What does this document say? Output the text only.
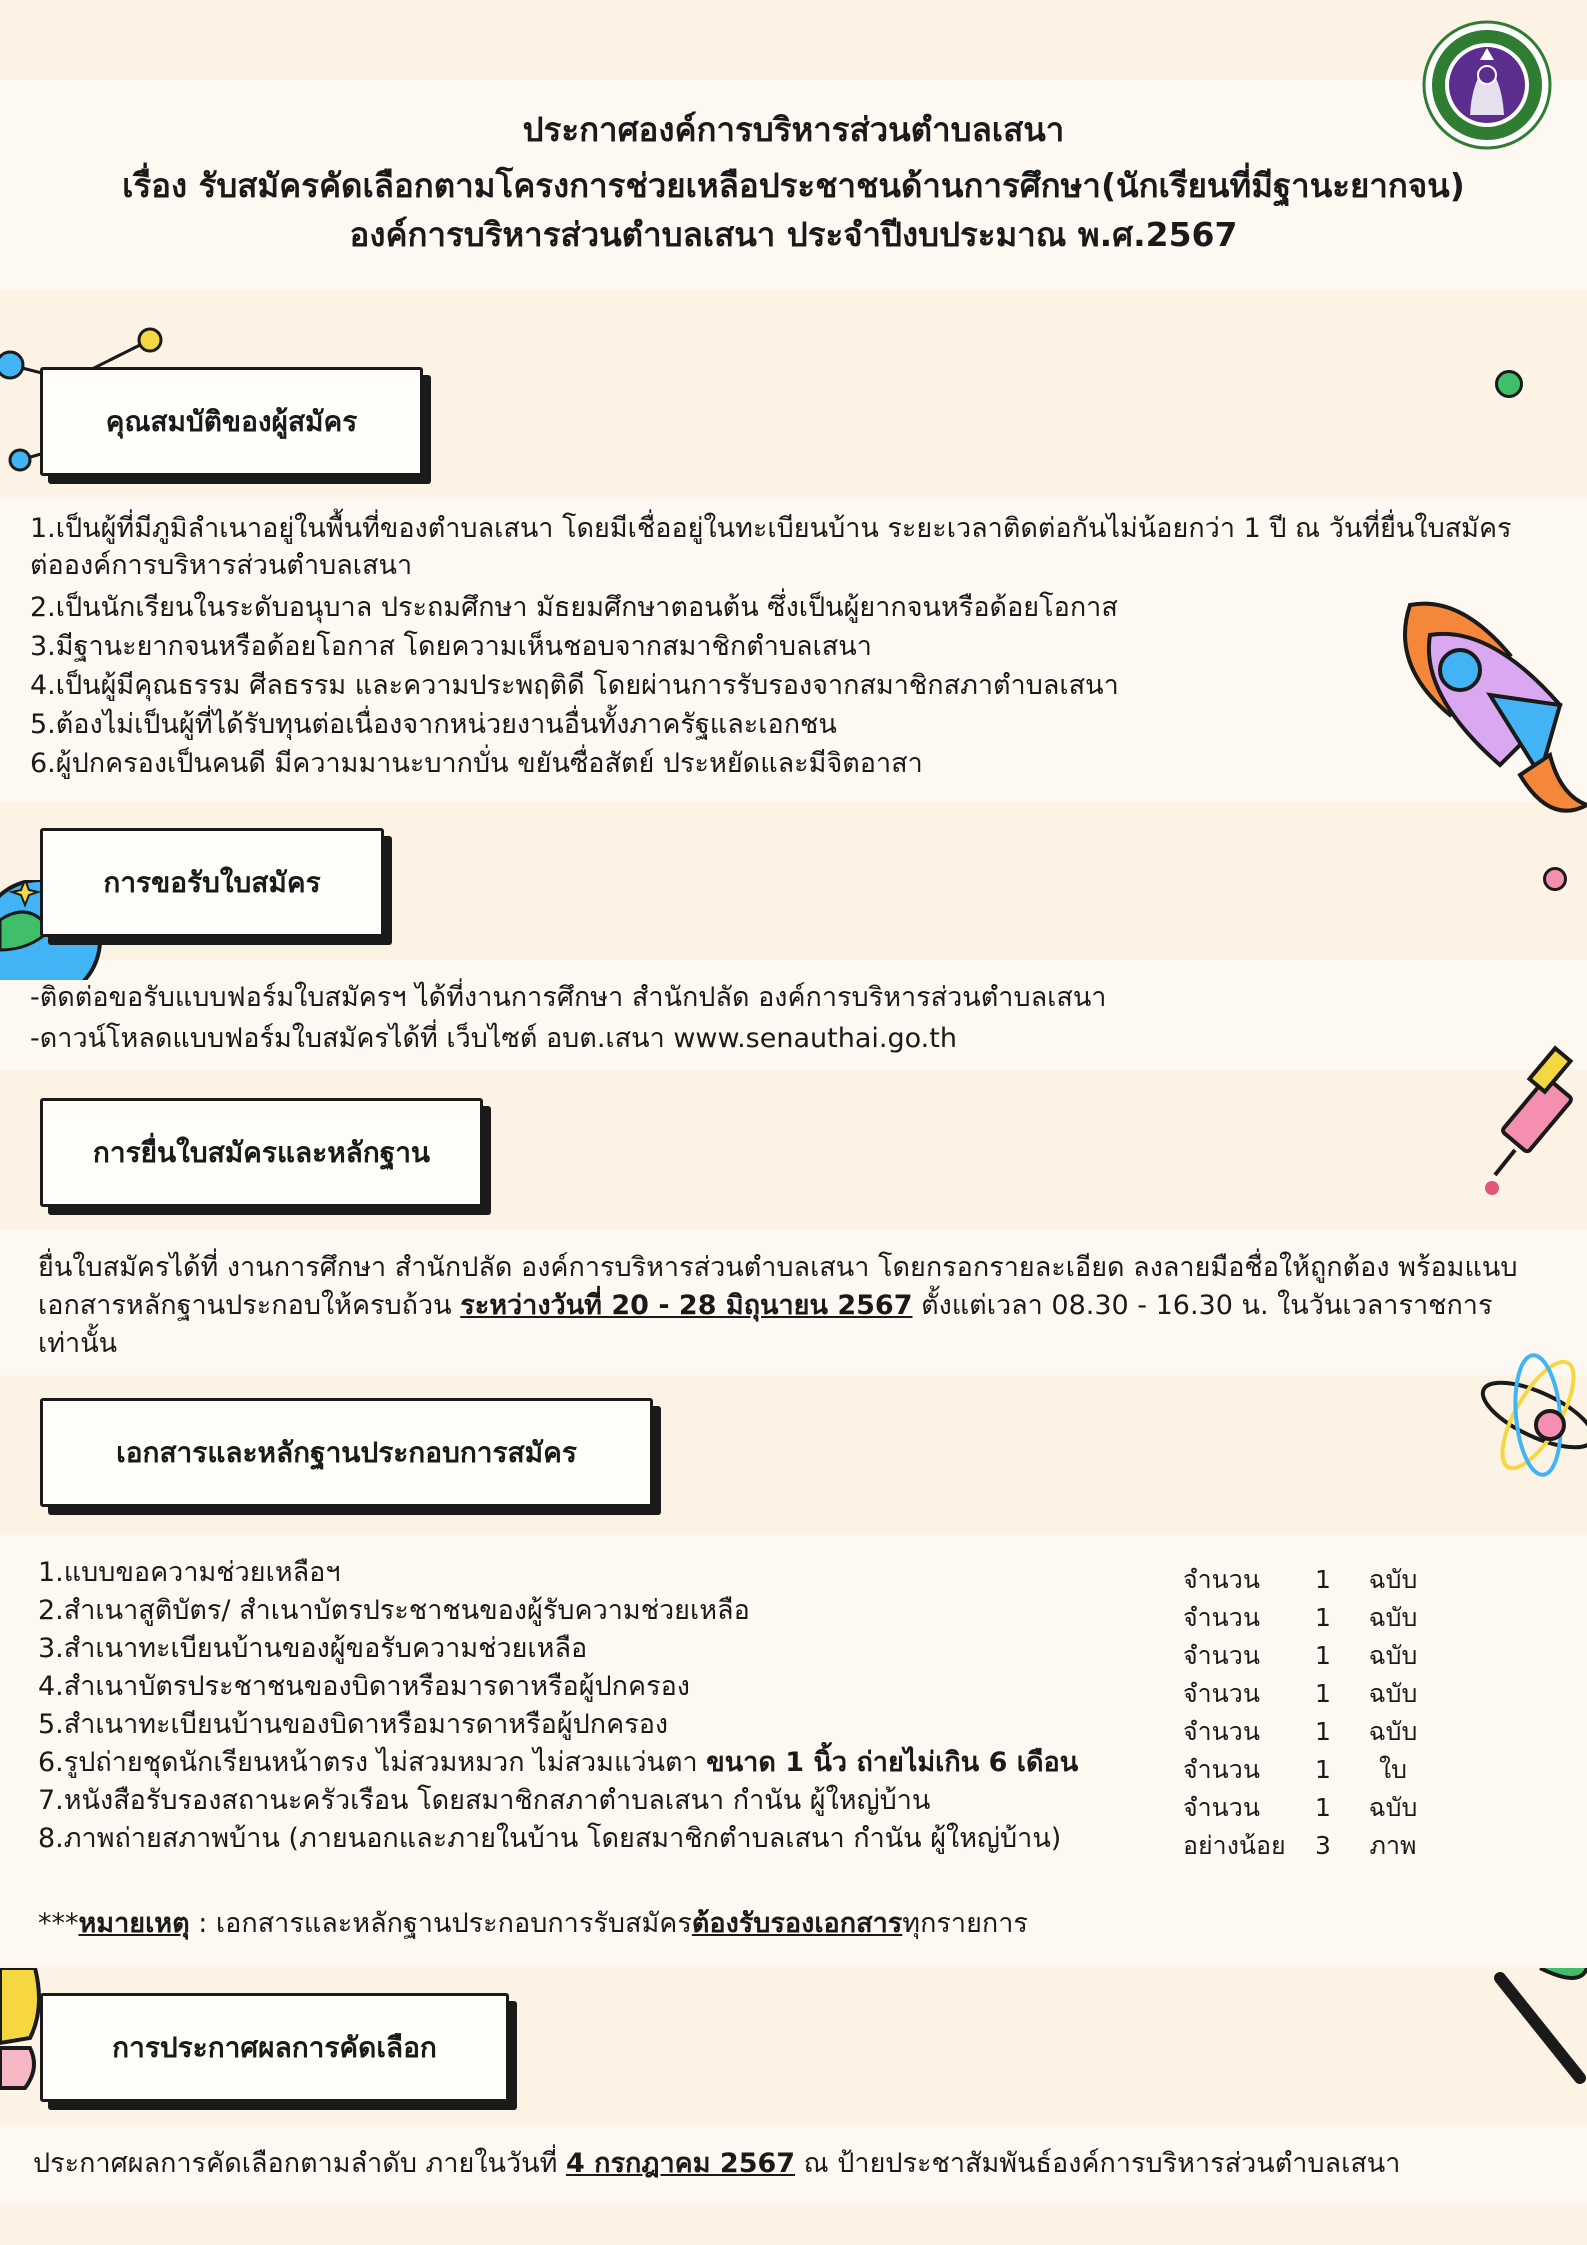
ประกาศองค์การบริหารส่วนตำบลเสนา
เรื่อง รับสมัครคัดเลือกตามโครงการช่วยเหลือประชาชนด้านการศึกษา(นักเรียนที่มีฐานะยากจน)
องค์การบริหารส่วนตำบลเสนา ประจำปีงบประมาณ พ.ศ.2567
คุณสมบัติของผู้สมัคร
1.เป็นผู้ที่มีภูมิลำเนาอยู่ในพื้นที่ของตำบลเสนา โดยมีเชื่ออยู่ในทะเบียนบ้าน ระยะเวลาติดต่อกันไม่น้อยกว่า 1 ปี ณ วันที่ยื่นใบสมัคร
ต่อองค์การบริหารส่วนตำบลเสนา
2.เป็นนักเรียนในระดับอนุบาล ประถมศึกษา มัธยมศึกษาตอนต้น ซึ่งเป็นผู้ยากจนหรือด้อยโอกาส
3.มีฐานะยากจนหรือด้อยโอกาส โดยความเห็นชอบจากสมาชิกตำบลเสนา
4.เป็นผู้มีคุณธรรม ศีลธรรม และความประพฤติดี โดยผ่านการรับรองจากสมาชิกสภาตำบลเสนา
5.ต้องไม่เป็นผู้ที่ได้รับทุนต่อเนื่องจากหน่วยงานอื่นทั้งภาครัฐและเอกชน
6.ผู้ปกครองเป็นคนดี มีความมานะบากบั่น ขยันซื่อสัตย์ ประหยัดและมีจิตอาสา
การขอรับใบสมัคร
-ติดต่อขอรับแบบฟอร์มใบสมัครฯ ได้ที่งานการศึกษา สำนักปลัด องค์การบริหารส่วนตำบลเสนา
-ดาวน์โหลดแบบฟอร์มใบสมัครได้ที่ เว็บไซต์ อบต.เสนา www.senauthai.go.th
การยื่นใบสมัครและหลักฐาน
ยื่นใบสมัครได้ที่ งานการศึกษา สำนักปลัด องค์การบริหารส่วนตำบลเสนา โดยกรอกรายละเอียด ลงลายมือชื่อให้ถูกต้อง พร้อมแนบ
เอกสารหลักฐานประกอบให้ครบถ้วน ระหว่างวันที่ 20 - 28 มิถุนายน 2567 ตั้งแต่เวลา 08.30 - 16.30 น. ในวันเวลาราชการ
เท่านั้น
เอกสารและหลักฐานประกอบการสมัคร
1.แบบขอความช่วยเหลือฯ	จำนวน 1 ฉบับ
2.สำเนาสูติบัตร/ สำเนาบัตรประชาชนของผู้รับความช่วยเหลือ	จำนวน 1 ฉบับ
3.สำเนาทะเบียนบ้านของผู้ขอรับความช่วยเหลือ	จำนวน 1 ฉบับ
4.สำเนาบัตรประชาชนของบิดาหรือมารดาหรือผู้ปกครอง	จำนวน 1 ฉบับ
5.สำเนาทะเบียนบ้านของบิดาหรือมารดาหรือผู้ปกครอง	จำนวน 1 ฉบับ
6.รูปถ่ายชุดนักเรียนหน้าตรง ไม่สวมหมวก ไม่สวมแว่นตา ขนาด 1 นิ้ว ถ่ายไม่เกิน 6 เดือน	จำนวน 1 ใบ
7.หนังสือรับรองสถานะครัวเรือน โดยสมาชิกสภาตำบลเสนา กำนัน ผู้ใหญ่บ้าน	จำนวน 1 ฉบับ
8.ภาพถ่ายสภาพบ้าน (ภายนอกและภายในบ้าน โดยสมาชิกตำบลเสนา กำนัน ผู้ใหญ่บ้าน)	อย่างน้อย 3 ภาพ
***หมายเหตุ : เอกสารและหลักฐานประกอบการรับสมัครต้องรับรองเอกสารทุกรายการ
การประกาศผลการคัดเลือก
ประกาศผลการคัดเลือกตามลำดับ ภายในวันที่ 4 กรกฎาคม 2567 ณ ป้ายประชาสัมพันธ์องค์การบริหารส่วนตำบลเสนา
